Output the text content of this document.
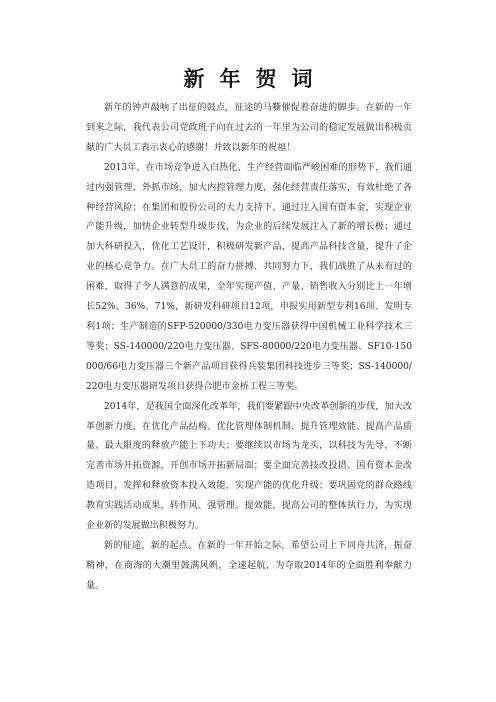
新年贺词

新年的钟声敲响了出征的鼓点，征途的马嘶催促着奋进的脚步。在新的一年到来之际，我代表公司党政班子向在过去的一年里为公司的稳定发展做出积极贡献的广大员工表示衷心的感谢！并致以新年的祝福！

2013年，在市场竞争进入白热化、生产经营面临严峻困难的形势下，我们通过内强管理、外抓市场，加大内控管理力度，强化经营责任落实，有效杜绝了各种经营风险；在集团和股份公司的大力支持下，通过注入国有资本金，实现企业产能升级，加快企业转型升级步伐，为企业的后续发展注入了新的增长极；通过加大科研投入，优化工艺设计，积极研发新产品，提高产品科技含量，提升了企业的核心竞争力。在广大员工的奋力拼搏、共同努力下，我们战胜了从未有过的困难，取得了令人满意的成果，全年实现产值、产量、销售收入分别比上一年增长52%、36%、71%，新研发科研项目12项，申报实用新型专利16项、发明专利1项；生产制造的SFP-520000/330电力变压器获得中国机械工业科学技术三等奖；SS-140000/220电力变压器、SFS-80000/220电力变压器、SF10-150000/66电力变压器三个新产品项目获得兵装集团科技进步三等奖；SS-140000/220电力变压器研发项目获得合肥市金桥工程三等奖。

2014年，是我国全面深化改革年，我们要紧跟中央改革创新的步伐，加大改革创新力度，在优化产品结构、优化管理体制机制、提升管理效能、提高产品质量、最大限度的释放产能上下功夫；要继续以市场为龙头，以科技为先导，不断完善市场开拓资源，开创市场开拓新局面；要全面完善技改投措、国有资本金改造项目，发挥和释放资本投入效能，实现产能的优化升级；要巩固党的群众路线教育实践活动成果，转作风、强管理、提效能，提高公司的整体执行力，为实现企业新的发展做出积极努力。

新的征途，新的起点。在新的一年开始之际，希望公司上下同舟共济，振奋精神，在商海的大潮里鼓满风帆，全速起航，为夺取2014年的全面胜利奉献力量。
